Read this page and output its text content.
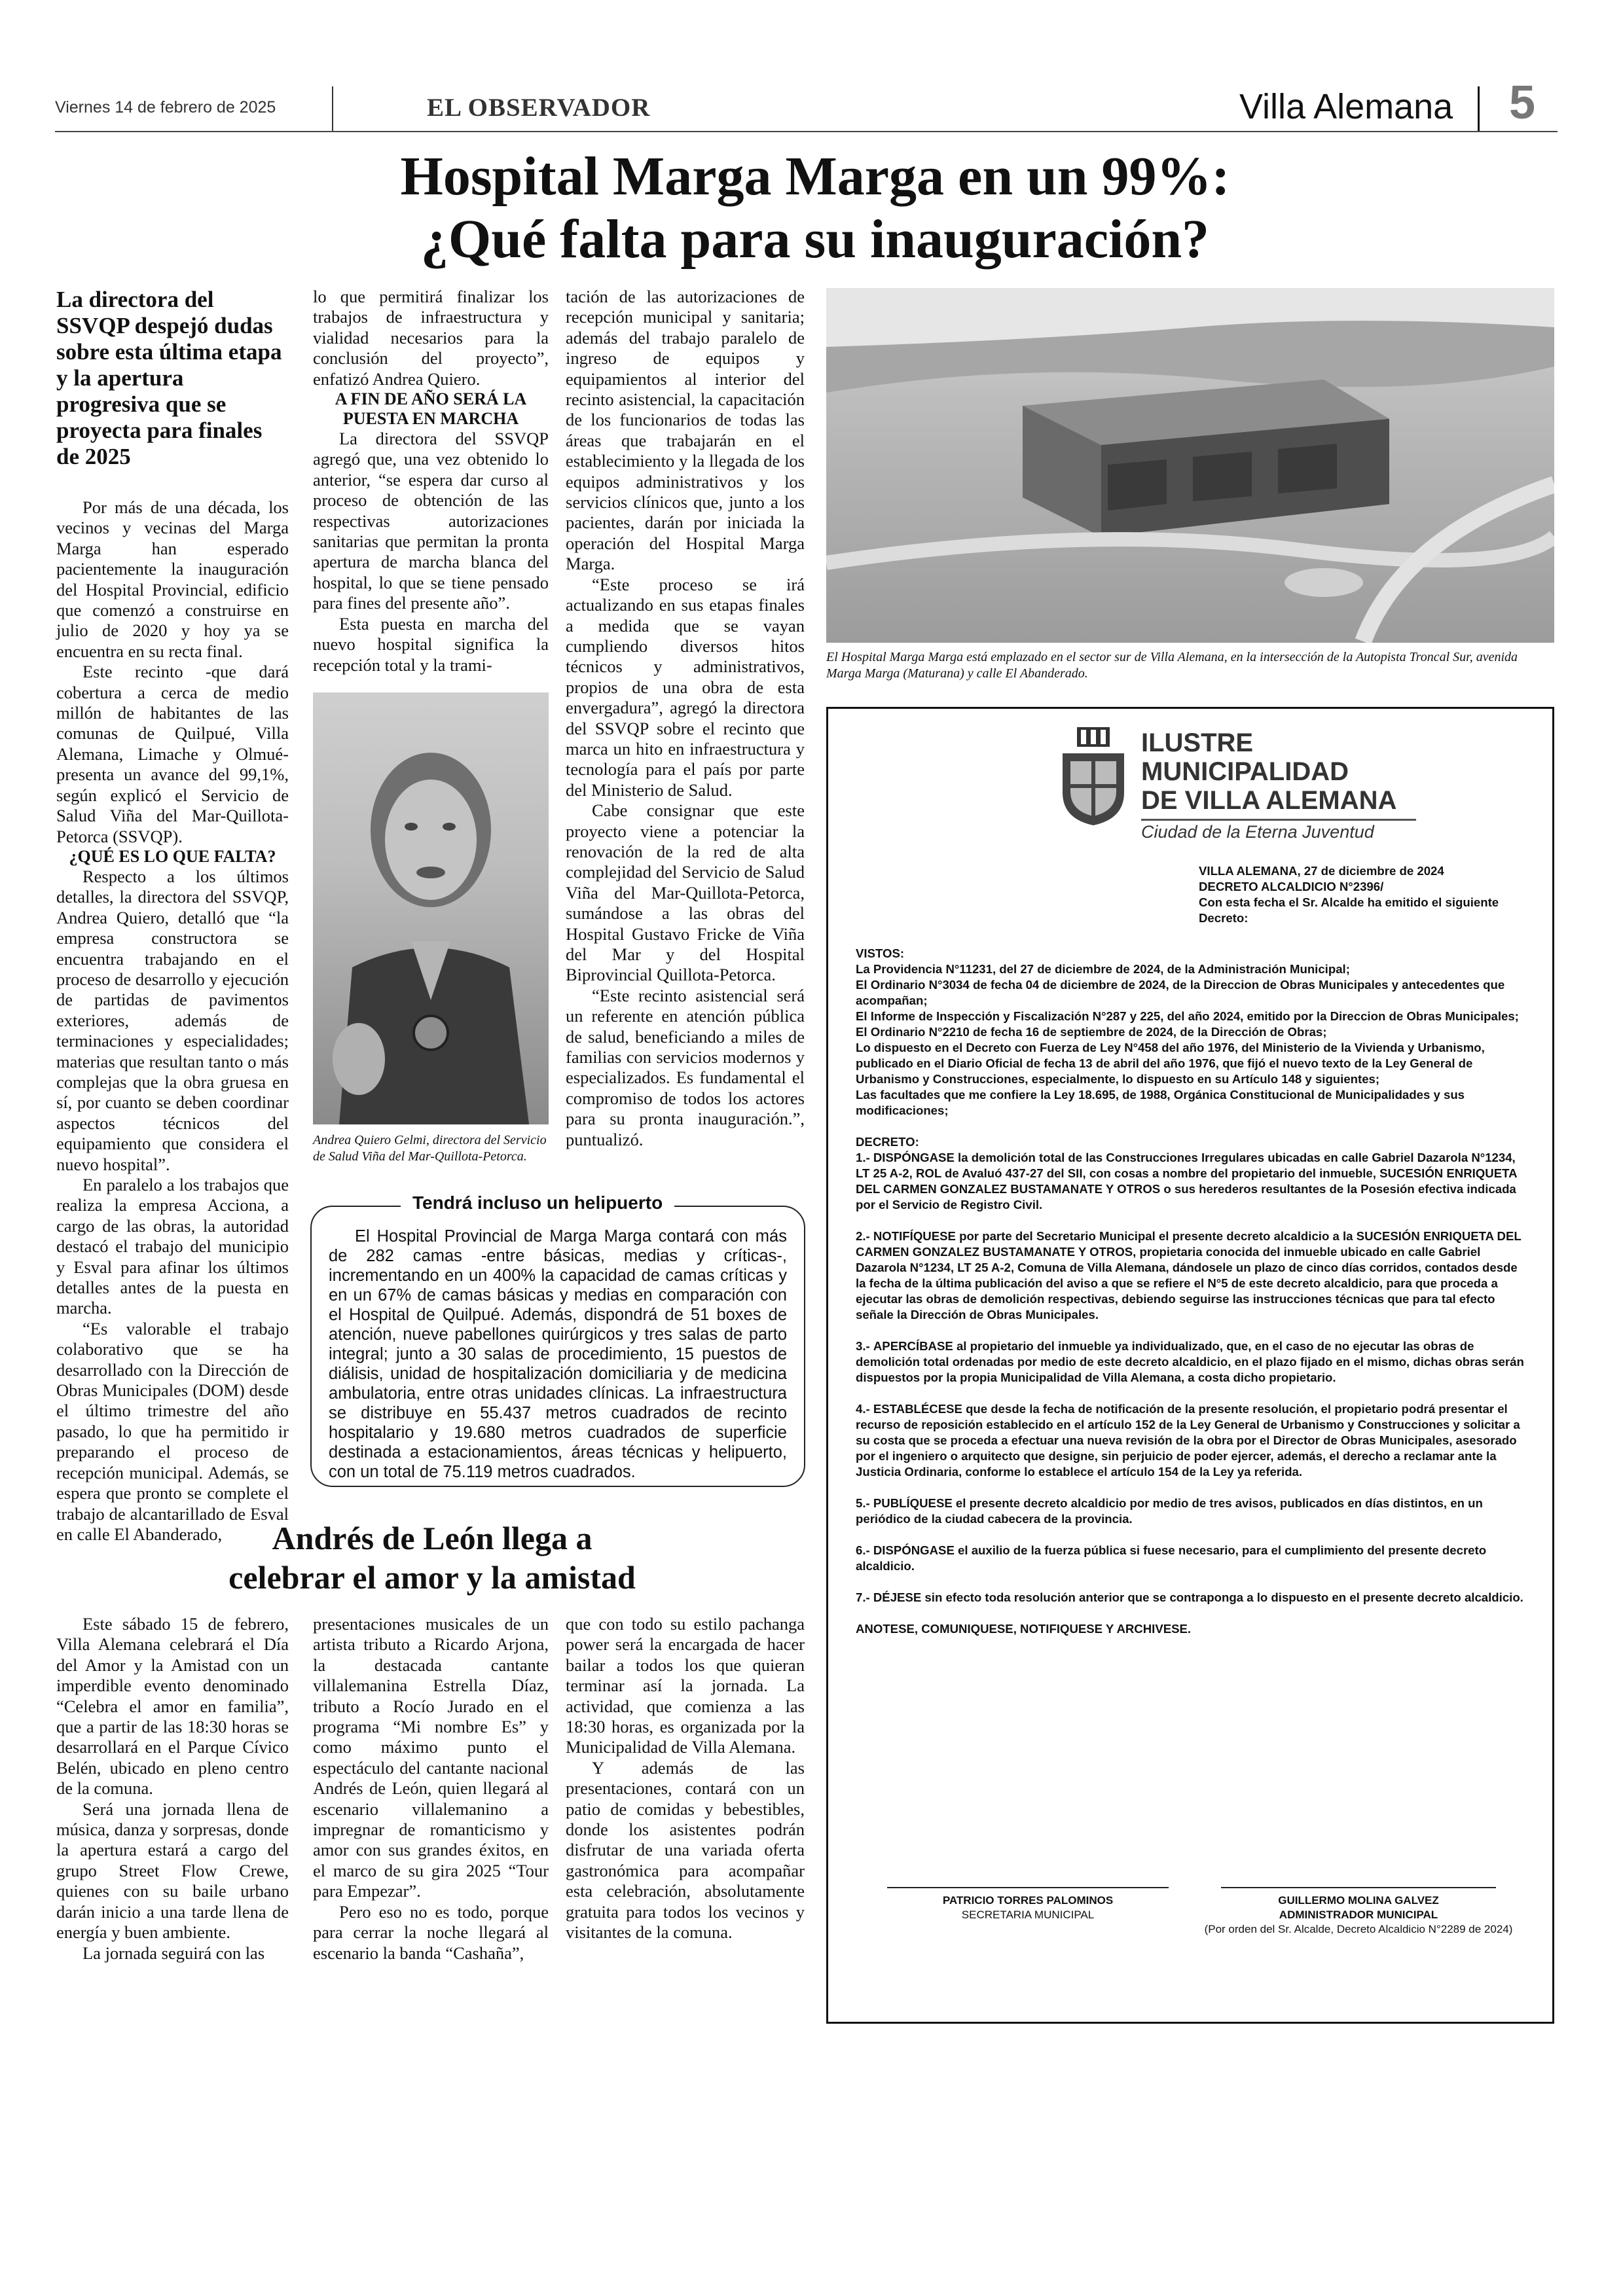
Viernes 14 de febrero de 2025	EL OBSERVADOR	Villa Alemana 5
Hospital Marga Marga en un 99%:
¿Qué falta para su inauguración?
La directora del SSVQP despejó dudas sobre esta última etapa y la apertura progresiva que se proyecta para finales de 2025

Por más de una década, los vecinos y vecinas del Marga Marga han esperado pacientemente la inauguración del Hospital Provincial, edificio que comenzó a construirse en julio de 2020 y hoy ya se encuentra en su recta final.

Este recinto -que dará cobertura a cerca de medio millón de habitantes de las comunas de Quilpué, Villa Alemana, Limache y Olmué- presenta un avance del 99,1%, según explicó el Servicio de Salud Viña del Mar-Quillota-Petorca (SSVQP).

¿QUÉ ES LO QUE FALTA?

Respecto a los últimos detalles, la directora del SSVQP, Andrea Quiero, detalló que “la empresa constructora se encuentra trabajando en el proceso de desarrollo y ejecución de partidas de pavimentos exteriores, además de terminaciones y especialidades; materias que resultan tanto o más complejas que la obra gruesa en sí, por cuanto se deben coordinar aspectos técnicos del equipamiento que considera el nuevo hospital”.

En paralelo a los trabajos que realiza la empresa Acciona, a cargo de las obras, la autoridad destacó el trabajo del municipio y Esval para afinar los últimos detalles antes de la puesta en marcha.

“Es valorable el trabajo colaborativo que se ha desarrollado con la Dirección de Obras Municipales (DOM) desde el último trimestre del año pasado, lo que ha permitido ir preparando el proceso de recepción municipal. Además, se espera que pronto se complete el trabajo de alcantarillado de Esval en calle El Abanderado,

lo que permitirá finalizar los trabajos de infraestructura y vialidad necesarios para la conclusión del proyecto”, enfatizó Andrea Quiero.

A FIN DE AÑO SERÁ LA PUESTA EN MARCHA

La directora del SSVQP agregó que, una vez obtenido lo anterior, “se espera dar curso al proceso de obtención de las respectivas autorizaciones sanitarias que permitan la pronta apertura de marcha blanca del hospital, lo que se tiene pensado para fines del presente año”.

Esta puesta en marcha del nuevo hospital significa la recepción total y la trami-

Andrea Quiero Gelmi, directora del Servicio de Salud Viña del Mar-Quillota-Petorca.

tación de las autorizaciones de recepción municipal y sanitaria; además del trabajo paralelo de ingreso de equipos y equipamientos al interior del recinto asistencial, la capacitación de los funcionarios de todas las áreas que trabajarán en el establecimiento y la llegada de los equipos administrativos y los servicios clínicos que, junto a los pacientes, darán por iniciada la operación del Hospital Marga Marga.

“Este proceso se irá actualizando en sus etapas finales a medida que se vayan cumpliendo diversos hitos técnicos y administrativos, propios de una obra de esta envergadura”, agregó la directora del SSVQP sobre el recinto que marca un hito en infraestructura y tecnología para el país por parte del Ministerio de Salud.

Cabe consignar que este proyecto viene a potenciar la renovación de la red de alta complejidad del Servicio de Salud Viña del Mar-Quillota-Petorca, sumándose a las obras del Hospital Gustavo Fricke de Viña del Mar y del Hospital Biprovincial Quillota-Petorca.

“Este recinto asistencial será un referente en atención pública de salud, beneficiando a miles de familias con servicios modernos y especializados. Es fundamental el compromiso de todos los actores para su pronta inauguración.”, puntualizó.

El Hospital Marga Marga está emplazado en el sector sur de Villa Alemana, en la intersección de la Autopista Troncal Sur, avenida Marga Marga (Maturana) y calle El Abanderado.
El Hospital Provincial de Marga Marga contará con más de 282 camas -entre básicas, medias y críticas-, incrementando en un 400% la capacidad de camas críticas y en un 67% de camas básicas y medias en comparación con el Hospital de Quilpué. Además, dispondrá de 51 boxes de atención, nueve pabellones quirúrgicos y tres salas de parto integral; junto a 30 salas de procedimiento, 15 puestos de diálisis, unidad de hospitalización domiciliaria y de medicina ambulatoria, entre otras unidades clínicas. La infraestructura se distribuye en 55.437 metros cuadrados de recinto hospitalario y 19.680 metros cuadrados de superficie destinada a estacionamientos, áreas técnicas y helipuerto, con un total de 75.119 metros cuadrados.
Tendrá incluso un helipuerto
Andrés de León llega a
celebrar el amor y la amistad

Este sábado 15 de febrero, Villa Alemana celebrará el Día del Amor y la Amistad con un imperdible evento denominado “Celebra el amor en familia”, que a partir de las 18:30 horas se desarrollará en el Parque Cívico Belén, ubicado en pleno centro de la comuna.

Será una jornada llena de música, danza y sorpresas, donde la apertura estará a cargo del grupo Street Flow Crewe, quienes con su baile urbano darán inicio a una tarde llena de energía y buen ambiente.

La jornada seguirá con las

presentaciones musicales de un artista tributo a Ricardo Arjona, la destacada cantante villalemanina Estrella Díaz, tributo a Rocío Jurado en el programa “Mi nombre Es” y como máximo punto el espectáculo del cantante nacional Andrés de León, quien llegará al escenario villalemanino a impregnar de romanticismo y amor con sus grandes éxitos, en el marco de su gira 2025 “Tour para Empezar”.

Pero eso no es todo, porque para cerrar la noche llegará al escenario la banda “Cashaña”,

que con todo su estilo pachanga power será la encargada de hacer bailar a todos los que quieran terminar así la jornada. La actividad, que comienza a las 18:30 horas, es organizada por la Municipalidad de Villa Alemana.

Y además de las presentaciones, contará con un patio de comidas y bebestibles, donde los asistentes podrán disfrutar de una variada oferta gastronómica para acompañar esta celebración, absolutamente gratuita para todos los vecinos y visitantes de la comuna.

ILUSTRE
MUNICIPALIDAD
DE VILLA ALEMANA
Ciudad de la Eterna Juventud

VILLA ALEMANA, 27 de diciembre de 2024

DECRETO ALCALDICIO N°2396/

Con esta fecha el Sr. Alcalde ha emitido el siguiente Decreto:

VISTOS:

La Providencia N°11231, del 27 de diciembre de 2024, de la Administración Municipal;

El Ordinario N°3034 de fecha 04 de diciembre de 2024, de la Direccion de Obras Municipales y antecedentes que acompañan;

El Informe de Inspección y Fiscalización N°287 y 225, del año 2024, emitido por la Direccion de Obras Municipales;

El Ordinario N°2210 de fecha 16 de septiembre de 2024, de la Dirección de Obras;

Lo dispuesto en el Decreto con Fuerza de Ley N°458 del año 1976, del Ministerio de la Vivienda y Urbanismo, publicado en el Diario Oficial de fecha 13 de abril del año 1976, que fijó el nuevo texto de la Ley General de Urbanismo y Construcciones, especialmente, lo dispuesto en su Artículo 148 y siguientes;

Las facultades que me confiere la Ley 18.695, de 1988, Orgánica Constitucional de Municipalidades y sus modificaciones;

DECRETO:

1.- DISPÓNGASE la demolición total de las Construcciones Irregulares ubicadas en calle Gabriel Dazarola N°1234, LT 25 A-2, ROL de Avaluó 437-27 del SII, con cosas a nombre del propietario del inmueble, SUCESIÓN ENRIQUETA DEL CARMEN GONZALEZ BUSTAMANATE Y OTROS o sus herederos resultantes de la Posesión efectiva indicada por el Servicio de Registro Civil.

2.- NOTIFÍQUESE por parte del Secretario Municipal el presente decreto alcaldicio a la SUCESIÓN ENRIQUETA DEL CARMEN GONZALEZ BUSTAMANATE Y OTROS, propietaria conocida del inmueble ubicado en calle Gabriel Dazarola N°1234, LT 25 A-2, Comuna de Villa Alemana, dándosele un plazo de cinco días corridos, contados desde la fecha de la última publicación del aviso a que se refiere el N°5 de este decreto alcaldicio, para que proceda a ejecutar las obras de demolición respectivas, debiendo seguirse las instrucciones técnicas que para tal efecto señale la Dirección de Obras Municipales.

3.- APERCÍBASE al propietario del inmueble ya individualizado, que, en el caso de no ejecutar las obras de demolición total ordenadas por medio de este decreto alcaldicio, en el plazo fijado en el mismo, dichas obras serán dispuestos por la propia Municipalidad de Villa Alemana, a costa dicho propietario.

4.- ESTABLÉCESE que desde la fecha de notificación de la presente resolución, el propietario podrá presentar el recurso de reposición establecido en el artículo 152 de la Ley General de Urbanismo y Construcciones y solicitar a su costa que se proceda a efectuar una nueva revisión de la obra por el Director de Obras Municipales, asesorado por el ingeniero o arquitecto que designe, sin perjuicio de poder ejercer, además, el derecho a reclamar ante la Justicia Ordinaria, conforme lo establece el artículo 154 de la Ley ya referida.

5.- PUBLÍQUESE el presente decreto alcaldicio por medio de tres avisos, publicados en días distintos, en un periódico de la ciudad cabecera de la provincia.

6.- DISPÓNGASE el auxilio de la fuerza pública si fuese necesario, para el cumplimiento del presente decreto alcaldicio.

7.- DÉJESE sin efecto toda resolución anterior que se contraponga a lo dispuesto en el presente decreto alcaldicio.

ANOTESE, COMUNIQUESE, NOTIFIQUESE Y ARCHIVESE.

PATRICIO TORRES PALOMINOS
SECRETARIA MUNICIPAL
GUILLERMO MOLINA GALVEZ
ADMINISTRADOR MUNICIPAL
(Por orden del Sr. Alcalde, Decreto Alcaldicio N°2289 de 2024)
